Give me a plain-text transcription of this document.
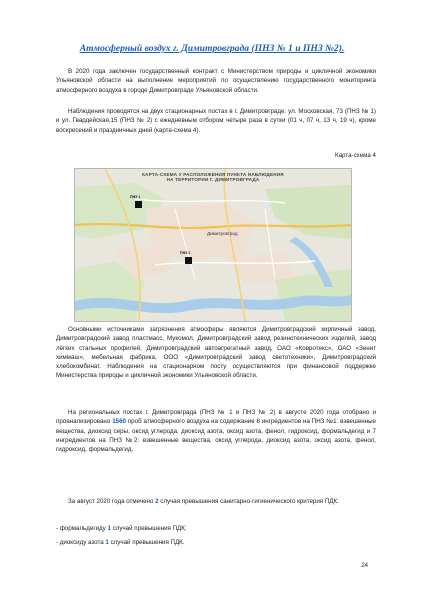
Атмосферный воздух г. Димитровграда (ПНЗ № 1 и ПНЗ №2).

В 2020 года заключен государственный контракт с Министерством природы и цикличной экономики Ульяновской области на выполнение мероприятий по осуществлению государственного мониторинга атмосферного воздуха в городе Димитровграде Ульяновской области.

Наблюдения проводятся на двух стационарных постах в г. Димитровграде: ул. Московская, 73 (ПНЗ № 1) и ул. Гвардейская,15 (ПНЗ № 2) с ежедневным отбором четыре раза в сутки (01 ч, 07 ч, 13 ч, 19 ч), кроме воскресений и праздничных дней (карта-схема 4).

Карта-схема 4
КАРТА-СХЕМА У РАСПОЛОЖЕНИЯ ПУНКТА НАБЛЮДЕНИЯ
НА ТЕРРИТОРИИ Г. ДИМИТРОВГРАДА
Димитровград
ПНЗ 1
ПНЗ 2

Основными источниками загрязнения атмосферы являются Димитровградский кирпичный завод, Димитровградский завод пластмасс, Мукомол, Димитровградский завод резинотехнических изделий, завод лёгких стальных профилей, Димитровградский автоагрегатный завод, ОАО «Ковротекс», ОАО «Зенит химмаш», мебельная фабрика, ООО «Димитровградский завод светотехники», Димитровградский хлебокомбинат. Наблюдения на стационарном посту осуществляются при финансовой поддержке Министерства природы и цикличной экономики Ульяновской области.

На региональных постах г. Димитровграда (ПНЗ № 1 и ПНЗ № 2) в августе 2020 года отобрано и проанализировано 1560 проб атмосферного воздуха на содержание 8 ингредиентов на ПНЗ №1: взвешенные вещества, диоксид серы, оксид углерода, диоксид азота, оксид азота, фенол, гидроксид, формальдегид и 7 ингредиентов на ПНЗ №2: взвешенные вещества, оксид углерода, диоксид азота, оксид азота, фенол, гидроксид, формальдегид.

За август 2020 года отмечено 2 случая превышения санитарно-гигиенического критерия ПДК:

- формальдегиду 1 случай превышения ПДК;
- диоксиду азота 1 случай превышения ПДК.
24
